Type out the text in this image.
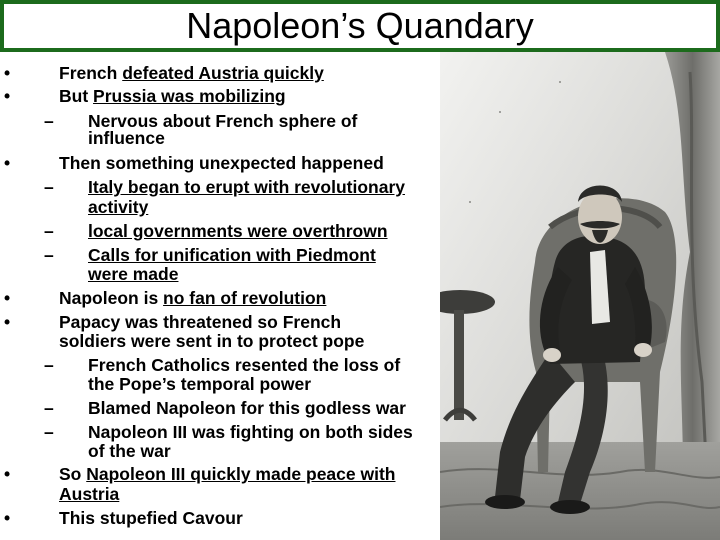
Napoleon’s Quandary
•	French defeated Austria quickly
•	But Prussia was mobilizing
– Nervous about French sphere of
influence
•	Then something unexpected happened
– Italy began to erupt with revolutionary
activity
– local governments were overthrown
– Calls for unification with Piedmont
were made
•	Napoleon is no fan of revolution
•	Papacy was threatened so French
soldiers were sent in to protect pope
– French Catholics resented the loss of
the Pope’s temporal power
– Blamed Napoleon for this godless war
– Napoleon III was fighting on both sides
of the war
•	So Napoleon III quickly made peace with
Austria
•	This stupefied Cavour
